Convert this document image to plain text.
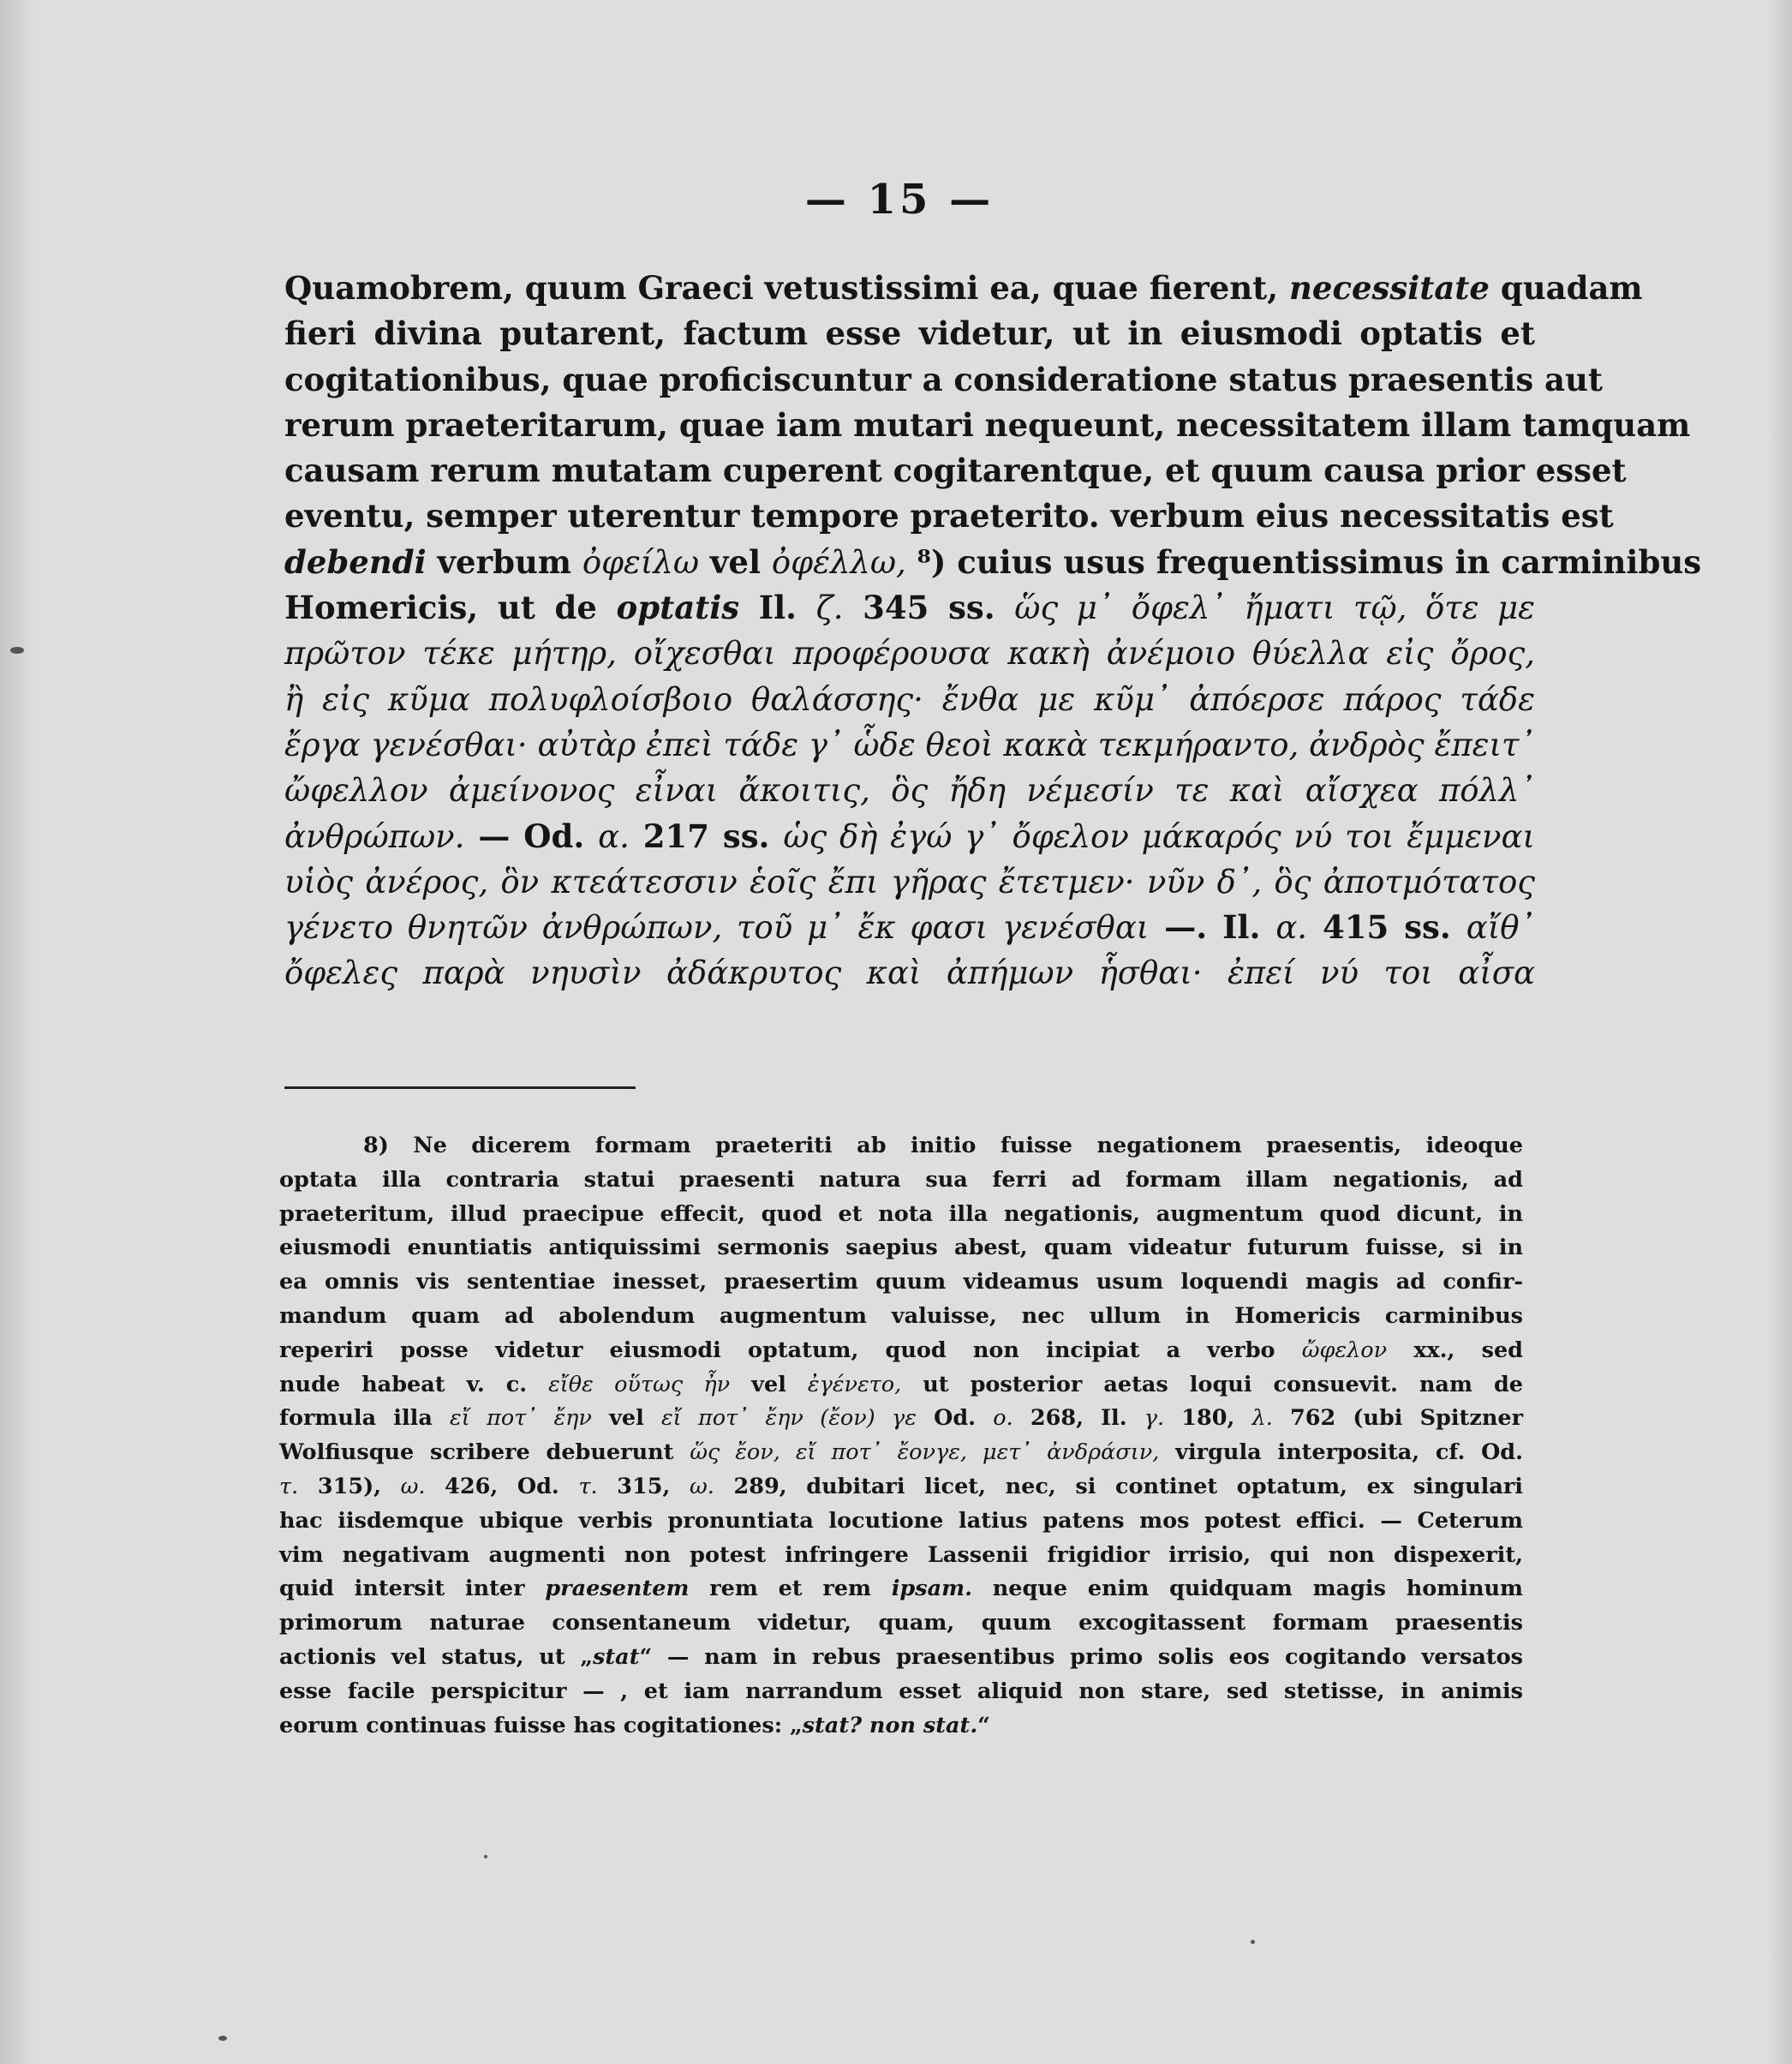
— 15 —
Quamobrem, quum Graeci vetustissimi ea, quae fierent, necessitate quadam
fieri divina putarent, factum esse videtur, ut in eiusmodi optatis et
cogitationibus, quae proficiscuntur a consideratione status praesentis aut
rerum praeteritarum, quae iam mutari nequeunt, necessitatem illam tamquam
causam rerum mutatam cuperent cogitarentque, et quum causa prior esset
eventu, semper uterentur tempore praeterito. verbum eius necessitatis est
debendi verbum ὀφείλω vel ὀφέλλω, ⁸) cuius usus frequentissimus in carminibus
Homericis, ut de optatis Il. ζ. 345 ss. ὥς μ᾽ ὄφελ᾽ ἤματι τῷ, ὅτε με
πρῶτον τέκε μήτηρ, οἴχεσθαι προφέρουσα κακὴ ἀνέμοιο θύελλα εἰς ὄρος,
ἢ εἰς κῦμα πολυφλοίσβοιο θαλάσσης· ἔνθα με κῦμ᾽ ἀπόερσε πάρος τάδε
ἔργα γενέσθαι· αὐτὰρ ἐπεὶ τάδε γ᾽ ὧδε θεοὶ κακὰ τεκμήραντο, ἀνδρὸς ἔπειτ᾽
ὤφελλον ἀμείνονος εἶναι ἄκοιτις, ὃς ἤδη νέμεσίν τε καὶ αἴσχεα πόλλ᾽
ἀνθρώπων. — Od. α. 217 ss. ὡς δὴ ἐγώ γ᾽ ὄφελον μάκαρός νύ τοι ἔμμεναι
υἱὸς ἀνέρος, ὃν κτεάτεσσιν ἑοῖς ἔπι γῆρας ἔτετμεν· νῦν δ᾽, ὃς ἀποτμότατος
γένετο θνητῶν ἀνθρώπων, τοῦ μ᾽ ἔκ φασι γενέσθαι —. Il. α. 415 ss. αἴθ᾽
ὄφελες παρὰ νηυσὶν ἀδάκρυτος καὶ ἀπήμων ἧσθαι· ἐπεί νύ τοι αἶσα
8) Ne dicerem formam praeteriti ab initio fuisse negationem praesentis, ideoque
optata illa contraria statui praesenti natura sua ferri ad formam illam negationis, ad
praeteritum, illud praecipue effecit, quod et nota illa negationis, augmentum quod dicunt, in
eiusmodi enuntiatis antiquissimi sermonis saepius abest, quam videatur futurum fuisse, si in
ea omnis vis sententiae inesset, praesertim quum videamus usum loquendi magis ad confir-
mandum quam ad abolendum augmentum valuisse, nec ullum in Homericis carminibus
reperiri posse videtur eiusmodi optatum, quod non incipiat a verbo ὤφελον xx., sed
nude habeat v. c. εἴθε οὕτως ἦν vel ἐγένετο, ut posterior aetas loqui consuevit. nam de
formula illa εἴ ποτ᾽ ἔην vel εἴ ποτ᾽ ἔην (ἔον) γε Od. ο. 268, Il. γ. 180, λ. 762 (ubi Spitzner
Wolfiusque scribere debuerunt ὥς ἔον, εἴ ποτ᾽ ἔονγε, μετ᾽ ἀνδράσιν, virgula interposita, cf. Od.
τ. 315), ω. 426, Od. τ. 315, ω. 289, dubitari licet, nec, si continet optatum, ex singulari
hac iisdemque ubique verbis pronuntiata locutione latius patens mos potest effici. — Ceterum
vim negativam augmenti non potest infringere Lassenii frigidior irrisio, qui non dispexerit,
quid intersit inter praesentem rem et rem ipsam. neque enim quidquam magis hominum
primorum naturae consentaneum videtur, quam, quum excogitassent formam praesentis
actionis vel status, ut „stat“ — nam in rebus praesentibus primo solis eos cogitando versatos
esse facile perspicitur — , et iam narrandum esset aliquid non stare, sed stetisse, in animis
eorum continuas fuisse has cogitationes: „stat? non stat.“
